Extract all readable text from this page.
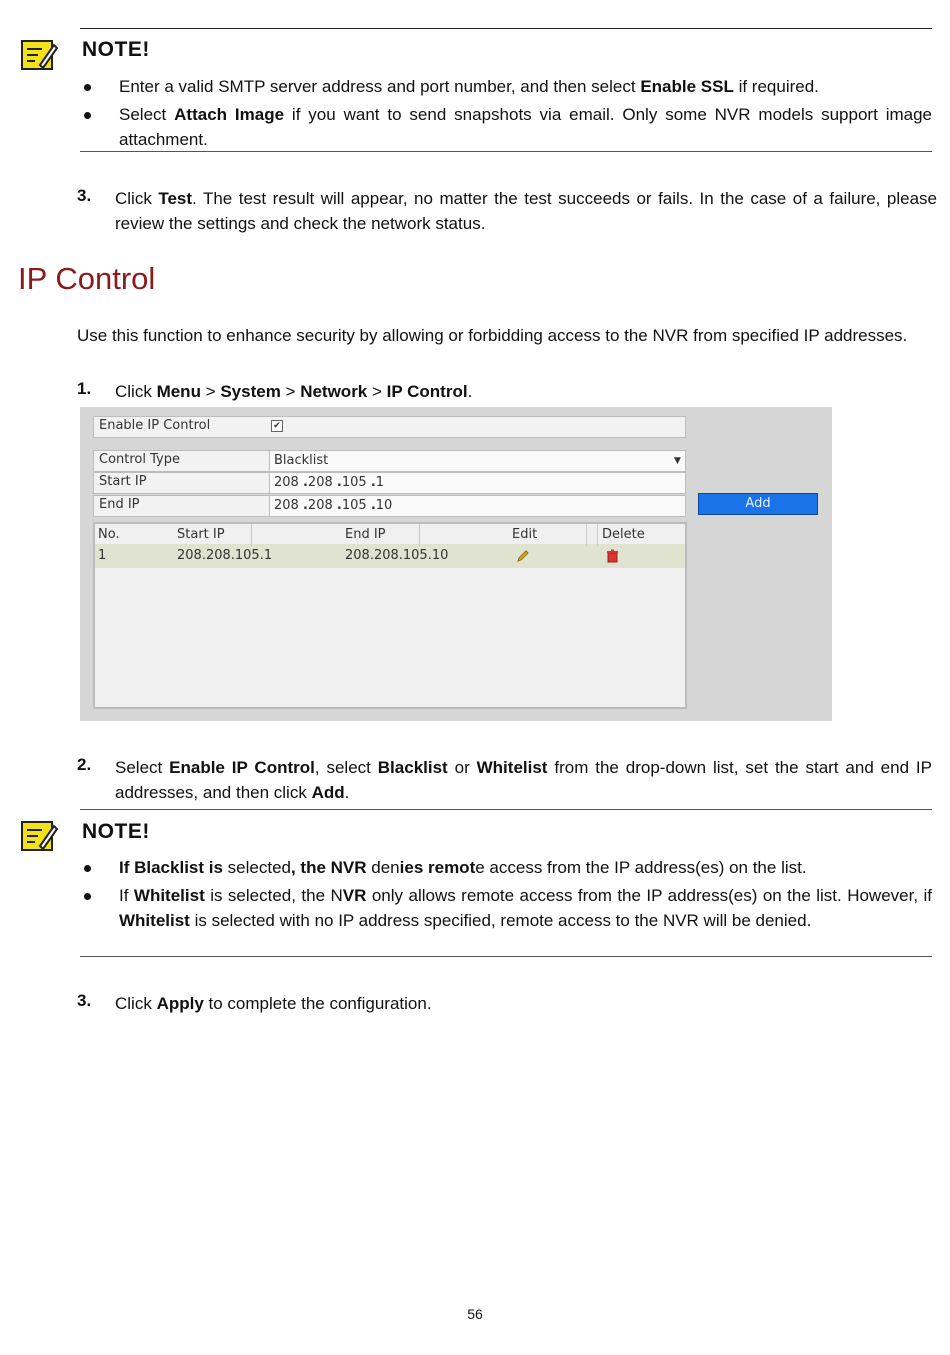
NOTE!
Enter a valid SMTP server address and port number, and then select Enable SSL if required.
Select Attach Image if you want to send snapshots via email. Only some NVR models support image attachment.
3. Click Test. The test result will appear, no matter the test succeeds or fails. In the case of a failure, please review the settings and check the network status.
IP Control
Use this function to enhance security by allowing or forbidding access to the NVR from specified IP addresses.
1. Click Menu > System > Network > IP Control.
Enable IP Control	✔
Control Type	Blacklist	▼
Start IP	208 .208 .105 .1
End IP	208 .208 .105 .10	Add
No.	Start IP	End IP	Edit	Delete
1	208.208.105.1	208.208.105.10
2. Select Enable IP Control, select Blacklist or Whitelist from the drop-down list, set the start and end IP addresses, and then click Add.
NOTE!
If Blacklist is selected, the NVR denies remote access from the IP address(es) on the list.
If Whitelist is selected, the NVR only allows remote access from the IP address(es) on the list. However, if Whitelist is selected with no IP address specified, remote access to the NVR will be denied.
3. Click Apply to complete the configuration.
56
